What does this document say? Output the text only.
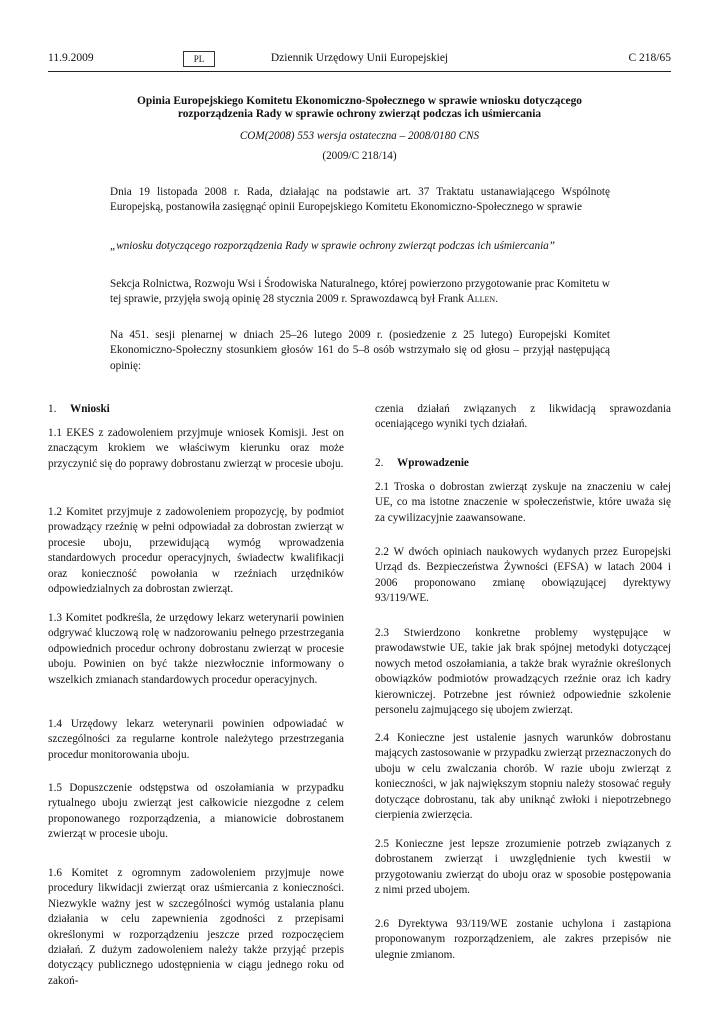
11.9.2009	PL	Dziennik Urzędowy Unii Europejskiej	C 218/65
Opinia Europejskiego Komitetu Ekonomiczno-Społecznego w sprawie wniosku dotyczącego rozporządzenia Rady w sprawie ochrony zwierząt podczas ich uśmiercania
COM(2008) 553 wersja ostateczna – 2008/0180 CNS
(2009/C 218/14)
Dnia 19 listopada 2008 r. Rada, działając na podstawie art. 37 Traktatu ustanawiającego Wspólnotę Europejską, postanowiła zasięgnąć opinii Europejskiego Komitetu Ekonomiczno-Społecznego w sprawie
„wniosku dotyczącego rozporządzenia Rady w sprawie ochrony zwierząt podczas ich uśmiercania”
Sekcja Rolnictwa, Rozwoju Wsi i Środowiska Naturalnego, której powierzono przygotowanie prac Komitetu w tej sprawie, przyjęła swoją opinię 28 stycznia 2009 r. Sprawozdawcą był Frank Allen.
Na 451. sesji plenarnej w dniach 25–26 lutego 2009 r. (posiedzenie z 25 lutego) Europejski Komitet Ekonomiczno-Społeczny stosunkiem głosów 161 do 5–8 osób wstrzymało się od głosu – przyjął następującą opinię:
1. Wnioski
1.1 EKES z zadowoleniem przyjmuje wniosek Komisji. Jest on znaczącym krokiem we właściwym kierunku oraz może przyczynić się do poprawy dobrostanu zwierząt w procesie uboju.
1.2 Komitet przyjmuje z zadowoleniem propozycję, by podmiot prowadzący rzeźnię w pełni odpowiadał za dobrostan zwierząt w procesie uboju, przewidującą wymóg wprowadzenia standardowych procedur operacyjnych, świadectw kwalifikacji oraz konieczność powołania w rzeźniach urzędników odpowiedzialnych za dobrostan zwierząt.
1.3 Komitet podkreśla, że urzędowy lekarz weterynarii powinien odgrywać kluczową rolę w nadzorowaniu pełnego przestrzegania odpowiednich procedur ochrony dobrostanu zwierząt w procesie uboju. Powinien on być także niezwłocznie informowany o wszelkich zmianach standardowych procedur operacyjnych.
1.4 Urzędowy lekarz weterynarii powinien odpowiadać w szczególności za regularne kontrole należytego przestrzegania procedur monitorowania uboju.
1.5 Dopuszczenie odstępstwa od oszołamiania w przypadku rytualnego uboju zwierząt jest całkowicie niezgodne z celem proponowanego rozporządzenia, a mianowicie dobrostanem zwierząt w procesie uboju.
1.6 Komitet z ogromnym zadowoleniem przyjmuje nowe procedury likwidacji zwierząt oraz uśmiercania z konieczności. Niezwykle ważny jest w szczególności wymóg ustalania planu działania w celu zapewnienia zgodności z przepisami określonymi w rozporządzeniu jeszcze przed rozpoczęciem działań. Z dużym zadowoleniem należy także przyjąć przepis dotyczący publicznego udostępnienia w ciągu jednego roku od zakoń-
czenia działań związanych z likwidacją sprawozdania oceniającego wyniki tych działań.
2. Wprowadzenie
2.1 Troska o dobrostan zwierząt zyskuje na znaczeniu w całej UE, co ma istotne znaczenie w społeczeństwie, które uważa się za cywilizacyjnie zaawansowane.
2.2 W dwóch opiniach naukowych wydanych przez Europejski Urząd ds. Bezpieczeństwa Żywności (EFSA) w latach 2004 i 2006 proponowano zmianę obowiązującej dyrektywy 93/119/WE.
2.3 Stwierdzono konkretne problemy występujące w prawodawstwie UE, takie jak brak spójnej metodyki dotyczącej nowych metod oszołamiania, a także brak wyraźnie określonych obowiązków podmiotów prowadzących rzeźnie oraz ich kadry kierowniczej. Potrzebne jest również odpowiednie szkolenie personelu zajmującego się ubojem zwierząt.
2.4 Konieczne jest ustalenie jasnych warunków dobrostanu mających zastosowanie w przypadku zwierząt przeznaczonych do uboju w celu zwalczania chorób. W razie uboju zwierząt z konieczności, w jak największym stopniu należy stosować reguły dotyczące dobrostanu, tak aby uniknąć zwłoki i niepotrzebnego cierpienia zwierzęcia.
2.5 Konieczne jest lepsze zrozumienie potrzeb związanych z dobrostanem zwierząt i uwzględnienie tych kwestii w przygotowaniu zwierząt do uboju oraz w sposobie postępowania z nimi przed ubojem.
2.6 Dyrektywa 93/119/WE zostanie uchylona i zastąpiona proponowanym rozporządzeniem, ale zakres przepisów nie ulegnie zmianom.
